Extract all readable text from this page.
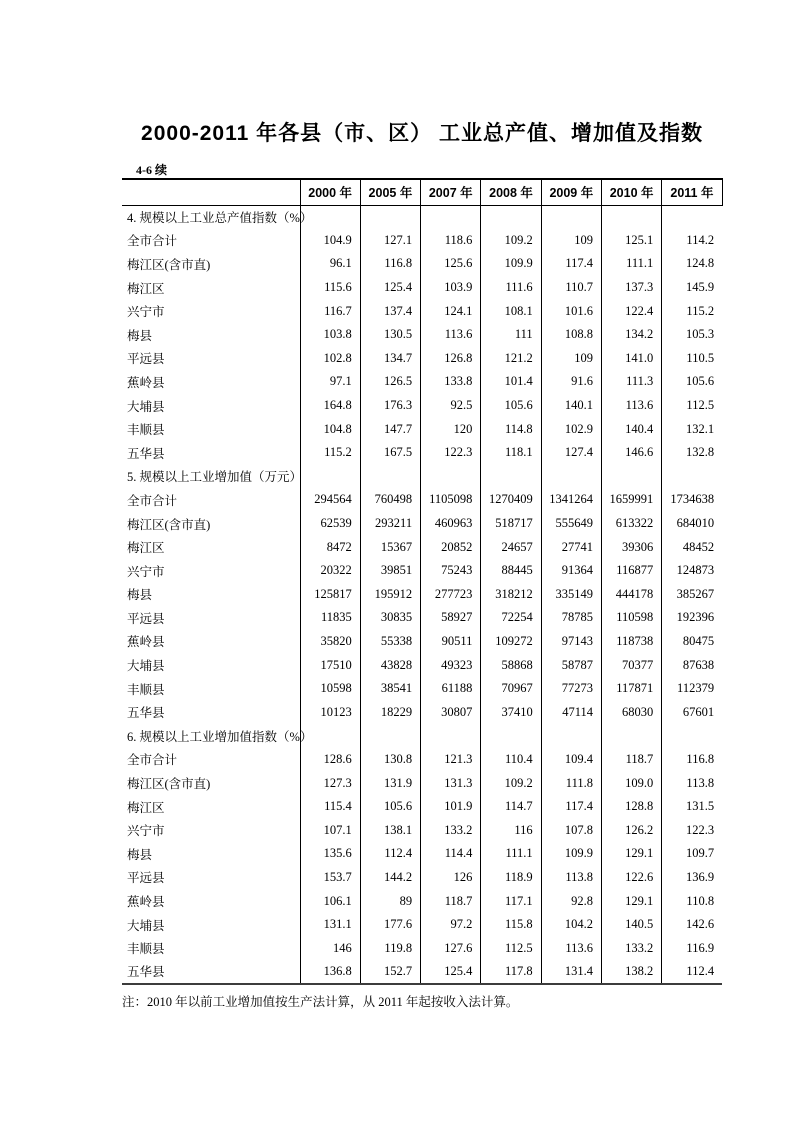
2000-2011 年各县（市、区） 工业总产值、增加值及指数
4-6 续
	2000 年	2005 年	2007 年	2008 年	2009 年	2010 年	2011 年
4. 规模以上工业总产值指数（%）							
全市合计	104.9	127.1	118.6	109.2	109	125.1	114.2
梅江区(含市直)	96.1	116.8	125.6	109.9	117.4	111.1	124.8
梅江区	115.6	125.4	103.9	111.6	110.7	137.3	145.9
兴宁市	116.7	137.4	124.1	108.1	101.6	122.4	115.2
梅县	103.8	130.5	113.6	111	108.8	134.2	105.3
平远县	102.8	134.7	126.8	121.2	109	141.0	110.5
蕉岭县	97.1	126.5	133.8	101.4	91.6	111.3	105.6
大埔县	164.8	176.3	92.5	105.6	140.1	113.6	112.5
丰顺县	104.8	147.7	120	114.8	102.9	140.4	132.1
五华县	115.2	167.5	122.3	118.1	127.4	146.6	132.8
5. 规模以上工业增加值（万元）							
全市合计	294564	760498	1105098	1270409	1341264	1659991	1734638
梅江区(含市直)	62539	293211	460963	518717	555649	613322	684010
梅江区	8472	15367	20852	24657	27741	39306	48452
兴宁市	20322	39851	75243	88445	91364	116877	124873
梅县	125817	195912	277723	318212	335149	444178	385267
平远县	11835	30835	58927	72254	78785	110598	192396
蕉岭县	35820	55338	90511	109272	97143	118738	80475
大埔县	17510	43828	49323	58868	58787	70377	87638
丰顺县	10598	38541	61188	70967	77273	117871	112379
五华县	10123	18229	30807	37410	47114	68030	67601
6. 规模以上工业增加值指数（%）							
全市合计	128.6	130.8	121.3	110.4	109.4	118.7	116.8
梅江区(含市直)	127.3	131.9	131.3	109.2	111.8	109.0	113.8
梅江区	115.4	105.6	101.9	114.7	117.4	128.8	131.5
兴宁市	107.1	138.1	133.2	116	107.8	126.2	122.3
梅县	135.6	112.4	114.4	111.1	109.9	129.1	109.7
平远县	153.7	144.2	126	118.9	113.8	122.6	136.9
蕉岭县	106.1	89	118.7	117.1	92.8	129.1	110.8
大埔县	131.1	177.6	97.2	115.8	104.2	140.5	142.6
丰顺县	146	119.8	127.6	112.5	113.6	133.2	116.9
五华县	136.8	152.7	125.4	117.8	131.4	138.2	112.4
注：2010 年以前工业增加值按生产法计算，从 2011 年起按收入法计算。
